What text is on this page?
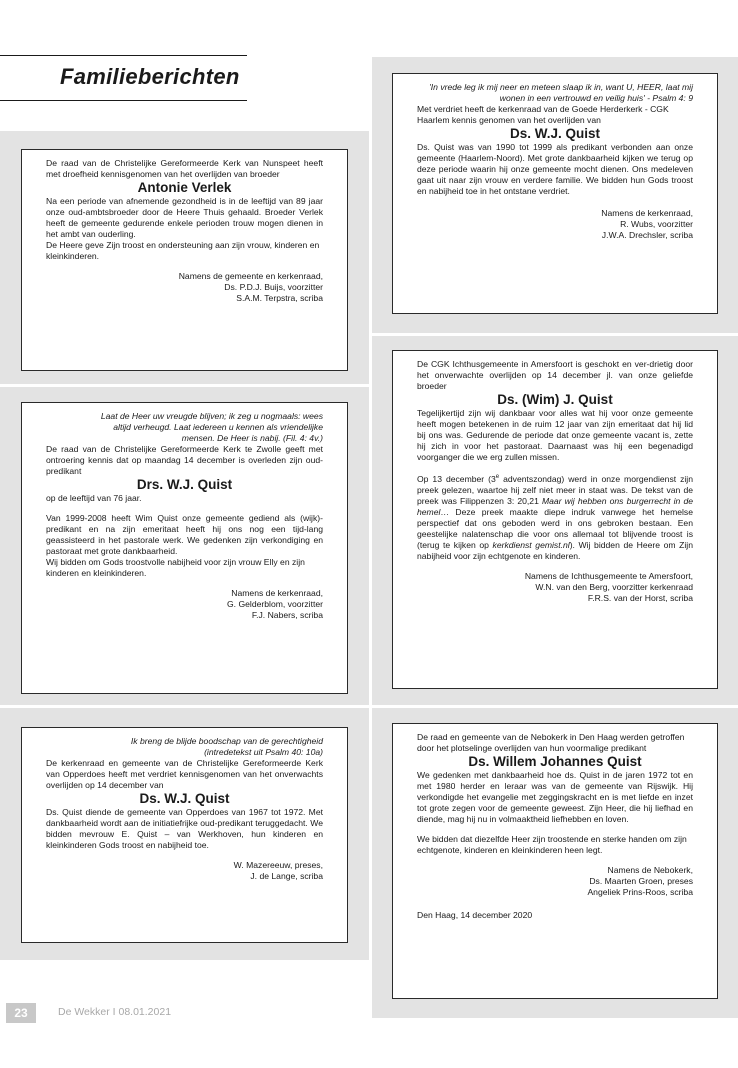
Familieberichten

De raad van de Christelijke Gereformeerde Kerk van Nunspeet heeft met droefheid kennisgenomen van het overlijden van broeder

Antonie Verlek

Na een periode van afnemende gezondheid is in de leeftijd van 89 jaar onze oud-ambtsbroeder door de Heere Thuis gehaald. Broeder Verlek heeft de gemeente gedurende enkele perioden trouw mogen dienen in het ambt van ouderling.

De Heere geve Zijn troost en ondersteuning aan zijn vrouw, kinderen en kleinkinderen.

Namens de gemeente en kerkenraad,
Ds. P.D.J. Buijs, voorzitter
S.A.M. Terpstra, scriba

Laat de Heer uw vreugde blijven; ik zeg u nogmaals: wees altijd verheugd. Laat iedereen u kennen als vriendelijke mensen. De Heer is nabij. (Fil. 4: 4v.)

De raad van de Christelijke Gereformeerde Kerk te Zwolle geeft met ontroering kennis dat op maandag 14 december is overleden zijn oud-predikant

Drs. W.J. Quist

op de leeftijd van 76 jaar.

Van 1999-2008 heeft Wim Quist onze gemeente gediend als (wijk)-predikant en na zijn emeritaat heeft hij ons nog een tijd-lang geassisteerd in het pastorale werk. We gedenken zijn verkondiging en pastoraat met grote dankbaarheid.

Wij bidden om Gods troostvolle nabijheid voor zijn vrouw Elly en zijn kinderen en kleinkinderen.

Namens de kerkenraad,
G. Gelderblom, voorzitter
F.J. Nabers, scriba

Ik breng de blijde boodschap van de gerechtigheid (intredetekst uit Psalm 40: 10a)

De kerkenraad en gemeente van de Christelijke Gereformeerde Kerk van Opperdoes heeft met verdriet kennisgenomen van het onverwachts overlijden op 14 december van

Ds. W.J. Quist

Ds. Quist diende de gemeente van Opperdoes van 1967 tot 1972. Met dankbaarheid wordt aan de initiatiefrijke oud-predikant teruggedacht. We bidden mevrouw E. Quist – van Werkhoven, hun kinderen en kleinkinderen Gods troost en nabijheid toe.

W. Mazereeuw, preses,
J. de Lange, scriba

'In vrede leg ik mij neer en meteen slaap ik in, want U, HEER, laat mij wonen in een vertrouwd en veilig huis' - Psalm 4: 9

Met verdriet heeft de kerkenraad van de Goede Herderkerk - CGK Haarlem kennis genomen van het overlijden van

Ds. W.J. Quist

Ds. Quist was van 1990 tot 1999 als predikant verbonden aan onze gemeente (Haarlem-Noord). Met grote dankbaarheid kijken we terug op deze periode waarin hij onze gemeente mocht dienen. Ons medeleven gaat uit naar zijn vrouw en verdere familie. We bidden hun Gods troost en nabijheid toe in het ontstane verdriet.

Namens de kerkenraad,
R. Wubs, voorzitter
J.W.A. Drechsler, scriba

De CGK Ichthusgemeente in Amersfoort is geschokt en ver-drietig door het onverwachte overlijden op 14 december jl. van onze geliefde broeder

Ds. (Wim) J. Quist

Tegelijkertijd zijn wij dankbaar voor alles wat hij voor onze gemeente heeft mogen betekenen in de ruim 12 jaar van zijn emeritaat dat hij lid bij ons was. Gedurende de periode dat onze gemeente vacant is, zette hij zich in voor het pastoraat. Daarnaast was hij een begenadigd voorganger die we erg zullen missen.

Op 13 december (3e adventszondag) werd in onze morgendienst zijn preek gelezen, waartoe hij zelf niet meer in staat was. De tekst van de preek was Filippenzen 3: 20,21 Maar wij hebben ons burgerrecht in de hemel… Deze preek maakte diepe indruk vanwege het hemelse perspectief dat ons geboden werd in ons gebroken bestaan. Een geestelijke nalatenschap die voor ons allemaal tot blijvende troost is (terug te kijken op kerkdienst gemist.nl). Wij bidden de Heere om Zijn nabijheid voor zijn echtgenote en kinderen.

Namens de Ichthusgemeente te Amersfoort,
W.N. van den Berg, voorzitter kerkenraad
F.R.S. van der Horst, scriba

De raad en gemeente van de Nebokerk in Den Haag werden getroffen door het plotselinge overlijden van hun voormalige predikant

Ds. Willem Johannes Quist

We gedenken met dankbaarheid hoe ds. Quist in de jaren 1972 tot en met 1980 herder en leraar was van de gemeente van Rijswijk. Hij verkondigde het evangelie met zeggingskracht en is met liefde en inzet tot grote zegen voor de gemeente geweest. Zijn Heer, die hij liefhad en diende, mag hij nu in volmaaktheid liefhebben en loven.

We bidden dat diezelfde Heer zijn troostende en sterke handen om zijn echtgenote, kinderen en kleinkinderen heen legt.

Namens de Nebokerk,
Ds. Maarten Groen, preses
Angeliek Prins-Roos, scriba

Den Haag, 14 december 2020

23	De Wekker I 08.01.2021
